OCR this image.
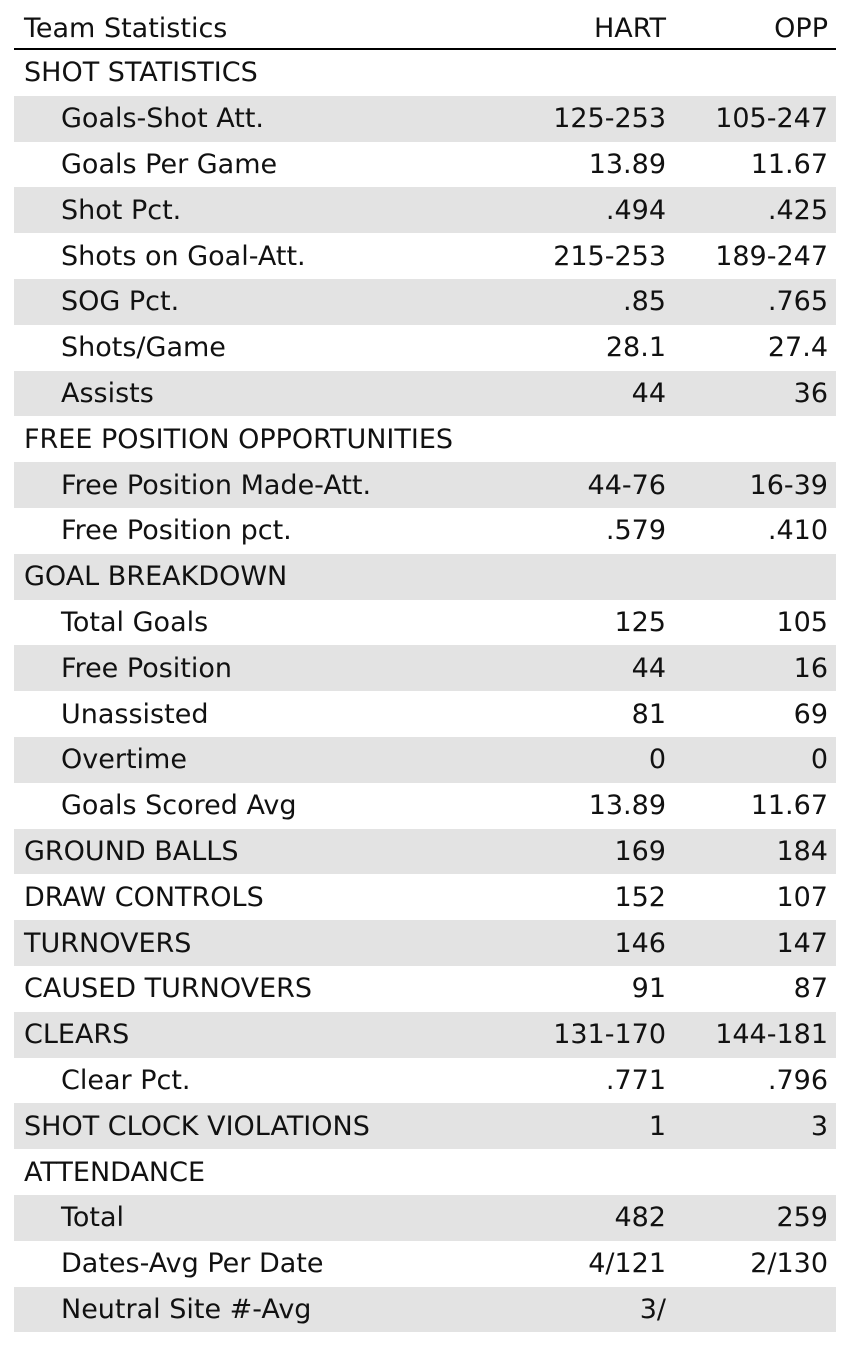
Team Statistics	HART	OPP
SHOT STATISTICS
Goals-Shot Att.	125-253	105-247
Goals Per Game	13.89	11.67
Shot Pct.	.494	.425
Shots on Goal-Att.	215-253	189-247
SOG Pct.	.85	.765
Shots/Game	28.1	27.4
Assists	44	36
FREE POSITION OPPORTUNITIES
Free Position Made-Att.	44-76	16-39
Free Position pct.	.579	.410
GOAL BREAKDOWN
Total Goals	125	105
Free Position	44	16
Unassisted	81	69
Overtime	0	0
Goals Scored Avg	13.89	11.67
GROUND BALLS	169	184
DRAW CONTROLS	152	107
TURNOVERS	146	147
CAUSED TURNOVERS	91	87
CLEARS	131-170	144-181
Clear Pct.	.771	.796
SHOT CLOCK VIOLATIONS	1	3
ATTENDANCE
Total	482	259
Dates-Avg Per Date	4/121	2/130
Neutral Site #-Avg	3/
